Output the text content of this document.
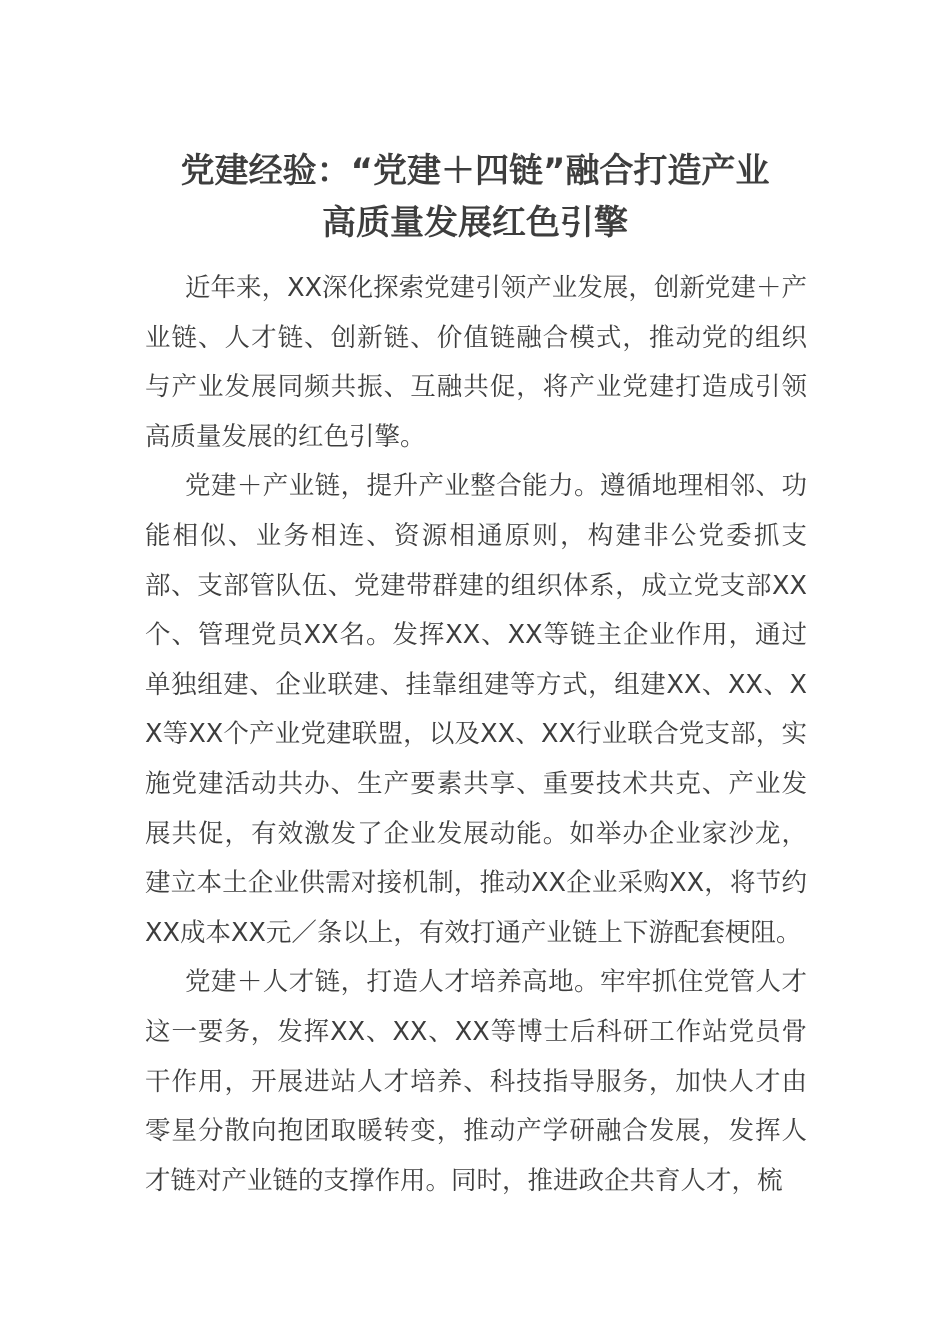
党建经验：“党建＋四链”融合打造产业
高质量发展红色引擎

近年来，XX深化探索党建引领产业发展，创新党建＋产业链、人才链、创新链、价值链融合模式，推动党的组织与产业发展同频共振、互融共促，将产业党建打造成引领高质量发展的红色引擎。

党建＋产业链，提升产业整合能力。遵循地理相邻、功能相似、业务相连、资源相通原则，构建非公党委抓支部、支部管队伍、党建带群建的组织体系，成立党支部XX个、管理党员XX名。发挥XX、XX等链主企业作用，通过单独组建、企业联建、挂靠组建等方式，组建XX、XX、XX等XX个产业党建联盟，以及XX、XX行业联合党支部，实施党建活动共办、生产要素共享、重要技术共克、产业发展共促，有效激发了企业发展动能。如举办企业家沙龙，建立本土企业供需对接机制，推动XX企业采购XX，将节约XX成本XX元／条以上，有效打通产业链上下游配套梗阻。

党建＋人才链，打造人才培养高地。牢牢抓住党管人才这一要务，发挥XX、XX、XX等博士后科研工作站党员骨干作用，开展进站人才培养、科技指导服务，加快人才由零星分散向抱团取暖转变，推动产学研融合发展，发挥人才链对产业链的支撑作用。同时，推进政企共育人才，梳
